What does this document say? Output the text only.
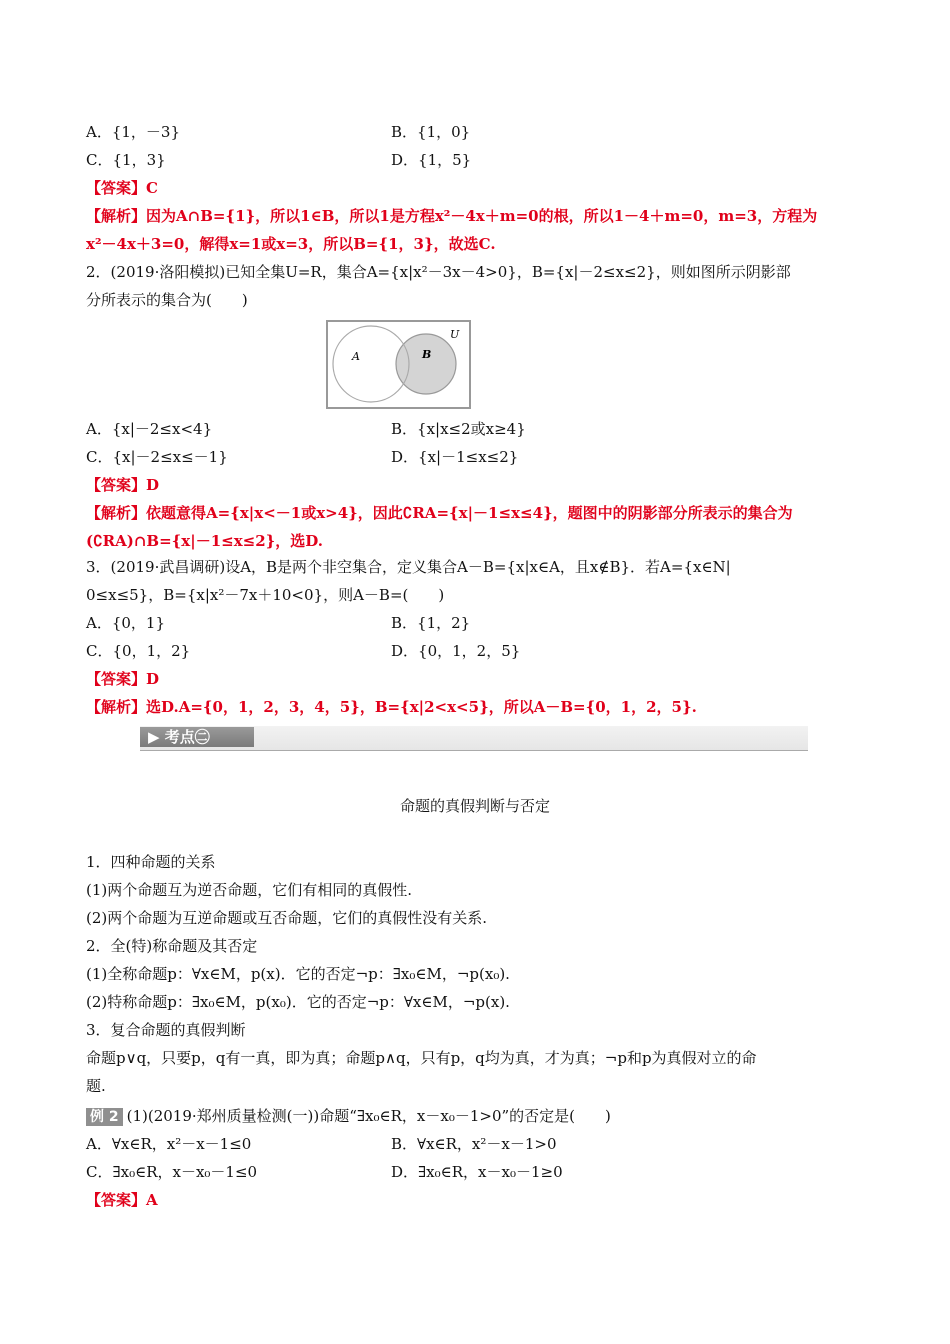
A．{1，－3}	B．{1，0}
C．{1，3}	D．{1，5}
【答案】C
【解析】因为A∩B={1}，所以1∈B，所以1是方程x²－4x＋m=0的根，所以1－4＋m=0，m=3，方程为
x²－4x＋3=0，解得x=1或x=3，所以B={1，3}，故选C.
2．(2019·洛阳模拟)已知全集U=R，集合A={x|x²－3x－4>0}，B={x|－2≤x≤2}，则如图所示阴影部
分所表示的集合为(　　)
U
A	B
A．{x|－2≤x<4}	B．{x|x≤2或x≥4}
C．{x|－2≤x≤－1}	D．{x|－1≤x≤2}
【答案】D
【解析】依题意得A={x|x<－1或x>4}，因此∁RA={x|－1≤x≤4}，题图中的阴影部分所表示的集合为
(∁RA)∩B={x|－1≤x≤2}，选D.
3．(2019·武昌调研)设A，B是两个非空集合，定义集合A－B={x|x∈A，且x∉B}．若A={x∈N|
0≤x≤5}，B={x|x²－7x＋10<0}，则A－B=(　　)
A．{0，1}	B．{1，2}
C．{0，1，2}	D．{0，1，2，5}
【答案】D
【解析】选D.A={0，1，2，3，4，5}，B={x|2<x<5}，所以A－B={0，1，2，5}.
▶ 考点㊁
命题的真假判断与否定
1．四种命题的关系
(1)两个命题互为逆否命题，它们有相同的真假性.
(2)两个命题为互逆命题或互否命题，它们的真假性没有关系.
2．全(特)称命题及其否定
(1)全称命题p：∀x∈M，p(x)．它的否定¬p：∃x₀∈M，¬p(x₀).
(2)特称命题p：∃x₀∈M，p(x₀)．它的否定¬p：∀x∈M，¬p(x).
3．复合命题的真假判断
命题p∨q，只要p，q有一真，即为真；命题p∧q，只有p，q均为真，才为真；¬p和p为真假对立的命
题.
例 2 (1)(2019·郑州质量检测(一))命题“∃x₀∈R，x－x₀－1>0”的否定是(　　)
A．∀x∈R，x²－x－1≤0	B．∀x∈R，x²－x－1>0
C．∃x₀∈R，x－x₀－1≤0	D．∃x₀∈R，x－x₀－1≥0
【答案】A
